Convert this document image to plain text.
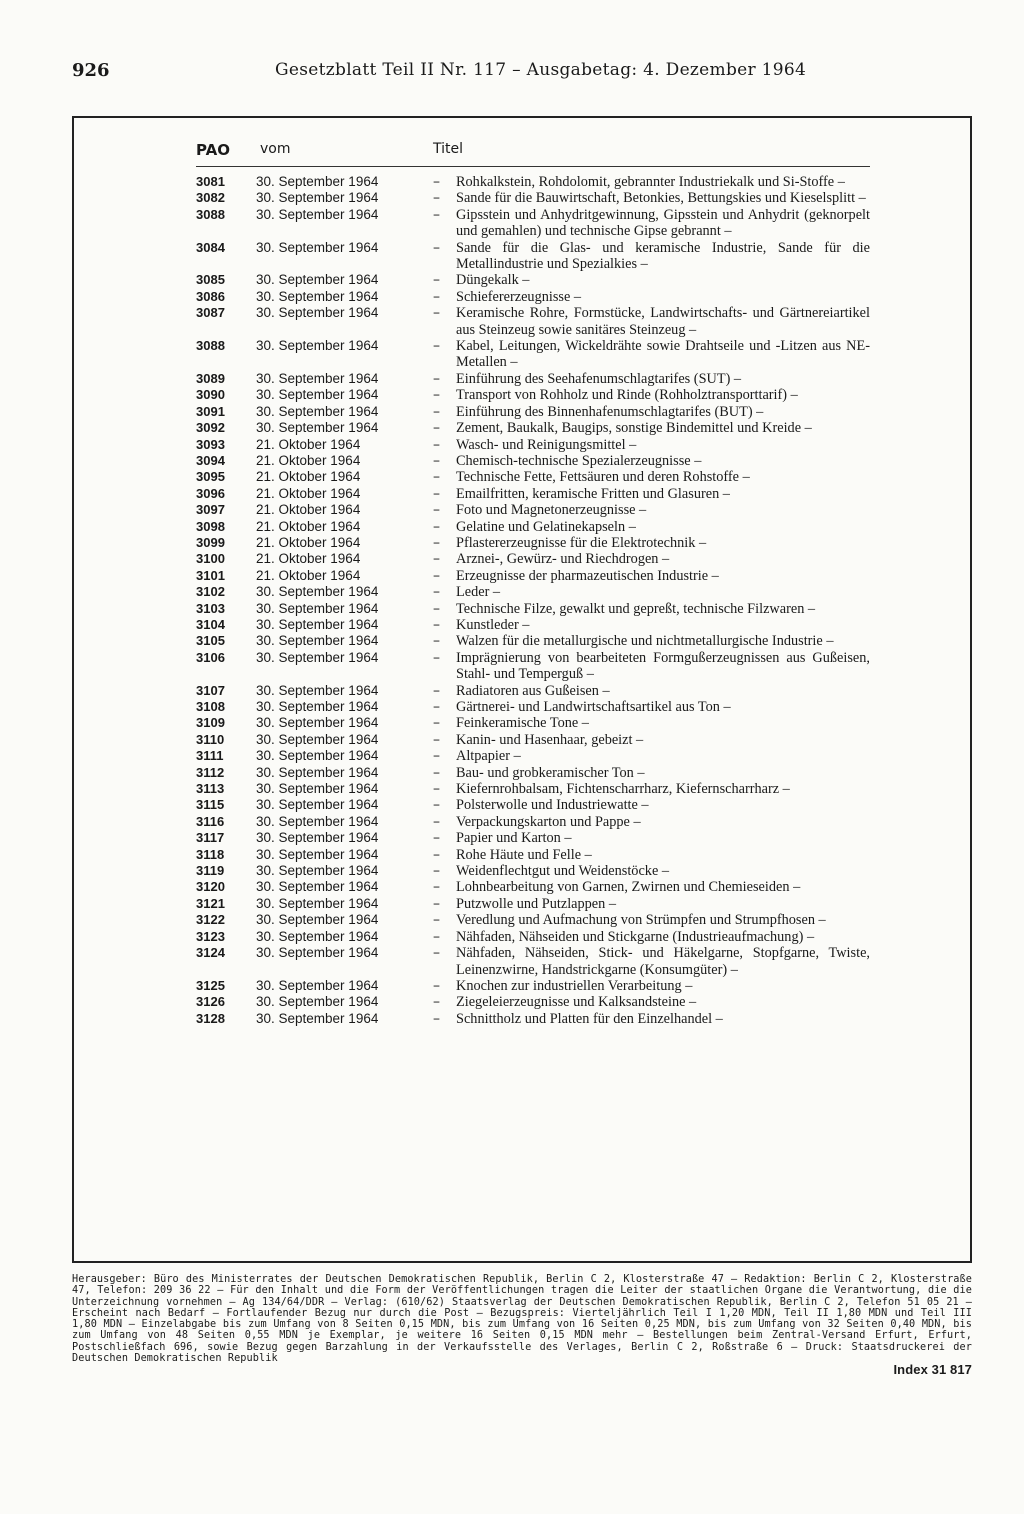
926	Gesetzblatt Teil II Nr. 117 – Ausgabetag: 4. Dezember 1964
PAO vom	Titel
3081	30. September 1964	–	Rohkalkstein, Rohdolomit, gebrannter Industriekalk und Si-Stoffe –
3082	30. September 1964	–	Sande für die Bauwirtschaft, Betonkies, Bettungskies und Kieselsplitt –
3088	30. September 1964	–	Gipsstein und Anhydritgewinnung, Gipsstein und Anhydrit (geknorpelt und gemahlen) und technische Gipse gebrannt –
3084	30. September 1964	–	Sande für die Glas- und keramische Industrie, Sande für die Metallindustrie und Spezialkies –
3085	30. September 1964	–	Düngekalk –
3086	30. September 1964	–	Schiefererzeugnisse –
3087	30. September 1964	–	Keramische Rohre, Formstücke, Landwirtschafts- und Gärtnereiartikel aus Steinzeug sowie sanitäres Steinzeug –
3088	30. September 1964	–	Kabel, Leitungen, Wickeldrähte sowie Drahtseile und -Litzen aus NE-Metallen –
3089	30. September 1964	–	Einführung des Seehafenumschlagtarifes (SUT) –
3090	30. September 1964	–	Transport von Rohholz und Rinde (Rohholztransporttarif) –
3091	30. September 1964	–	Einführung des Binnenhafenumschlagtarifes (BUT) –
3092	30. September 1964	–	Zement, Baukalk, Baugips, sonstige Bindemittel und Kreide –
3093	21. Oktober 1964	–	Wasch- und Reinigungsmittel –
3094	21. Oktober 1964	–	Chemisch-technische Spezialerzeugnisse –
3095	21. Oktober 1964	–	Technische Fette, Fettsäuren und deren Rohstoffe –
3096	21. Oktober 1964	–	Emailfritten, keramische Fritten und Glasuren –
3097	21. Oktober 1964	–	Foto und Magnetonerzeugnisse –
3098	21. Oktober 1964	–	Gelatine und Gelatinekapseln –
3099	21. Oktober 1964	–	Pflastererzeugnisse für die Elektrotechnik –
3100	21. Oktober 1964	–	Arznei-, Gewürz- und Riechdrogen –
3101	21. Oktober 1964	–	Erzeugnisse der pharmazeutischen Industrie –
3102	30. September 1964	–	Leder –
3103	30. September 1964	–	Technische Filze, gewalkt und gepreßt, technische Filzwaren –
3104	30. September 1964	–	Kunstleder –
3105	30. September 1964	–	Walzen für die metallurgische und nichtmetallurgische Industrie –
3106	30. September 1964	–	Imprägnierung von bearbeiteten Formgußerzeugnissen aus Gußeisen, Stahl- und Temperguß –
3107	30. September 1964	–	Radiatoren aus Gußeisen –
3108	30. September 1964	–	Gärtnerei- und Landwirtschaftsartikel aus Ton –
3109	30. September 1964	–	Feinkeramische Tone –
3110	30. September 1964	–	Kanin- und Hasenhaar, gebeizt –
3111	30. September 1964	–	Altpapier –
3112	30. September 1964	–	Bau- und grobkeramischer Ton –
3113	30. September 1964	–	Kiefernrohbalsam, Fichtenscharrharz, Kiefernscharrharz –
3115	30. September 1964	–	Polsterwolle und Industriewatte –
3116	30. September 1964	–	Verpackungskarton und Pappe –
3117	30. September 1964	–	Papier und Karton –
3118	30. September 1964	–	Rohe Häute und Felle –
3119	30. September 1964	–	Weidenflechtgut und Weidenstöcke –
3120	30. September 1964	–	Lohnbearbeitung von Garnen, Zwirnen und Chemieseiden –
3121	30. September 1964	–	Putzwolle und Putzlappen –
3122	30. September 1964	–	Veredlung und Aufmachung von Strümpfen und Strumpfhosen –
3123	30. September 1964	–	Nähfaden, Nähseiden und Stickgarne (Industrieaufmachung) –
3124	30. September 1964	–	Nähfaden, Nähseiden, Stick- und Häkelgarne, Stopfgarne, Twiste, Leinenzwirne, Handstrickgarne (Konsumgüter) –
3125	30. September 1964	–	Knochen zur industriellen Verarbeitung –
3126	30. September 1964	–	Ziegeleierzeugnisse und Kalksandsteine –
3128	30. September 1964	–	Schnittholz und Platten für den Einzelhandel –

Herausgeber: Büro des Ministerrates der Deutschen Demokratischen Republik, Berlin C 2, Klosterstraße 47 – Redaktion: Berlin C 2, Klosterstraße 47, Telefon: 209 36 22 – Für den Inhalt und die Form der Veröffentlichungen tragen die Leiter der staatlichen Organe die Verantwortung, die die Unterzeichnung vornehmen – Ag 134/64/DDR – Verlag: (610/62) Staatsverlag der Deutschen Demokratischen Republik, Berlin C 2, Telefon 51 05 21 – Erscheint nach Bedarf – Fortlaufender Bezug nur durch die Post – Bezugspreis: Vierteljährlich Teil I 1,20 MDN, Teil II 1,80 MDN und Teil III 1,80 MDN – Einzelabgabe bis zum Umfang von 8 Seiten 0,15 MDN, bis zum Umfang von 16 Seiten 0,25 MDN, bis zum Umfang von 32 Seiten 0,40 MDN, bis zum Umfang von 48 Seiten 0,55 MDN je Exemplar, je weitere 16 Seiten 0,15 MDN mehr – Bestellungen beim Zentral-Versand Erfurt, Erfurt, Postschließfach 696, sowie Bezug gegen Barzahlung in der Verkaufsstelle des Verlages, Berlin C 2, Roßstraße 6 – Druck: Staatsdruckerei der Deutschen Demokratischen Republik

Index 31 817
